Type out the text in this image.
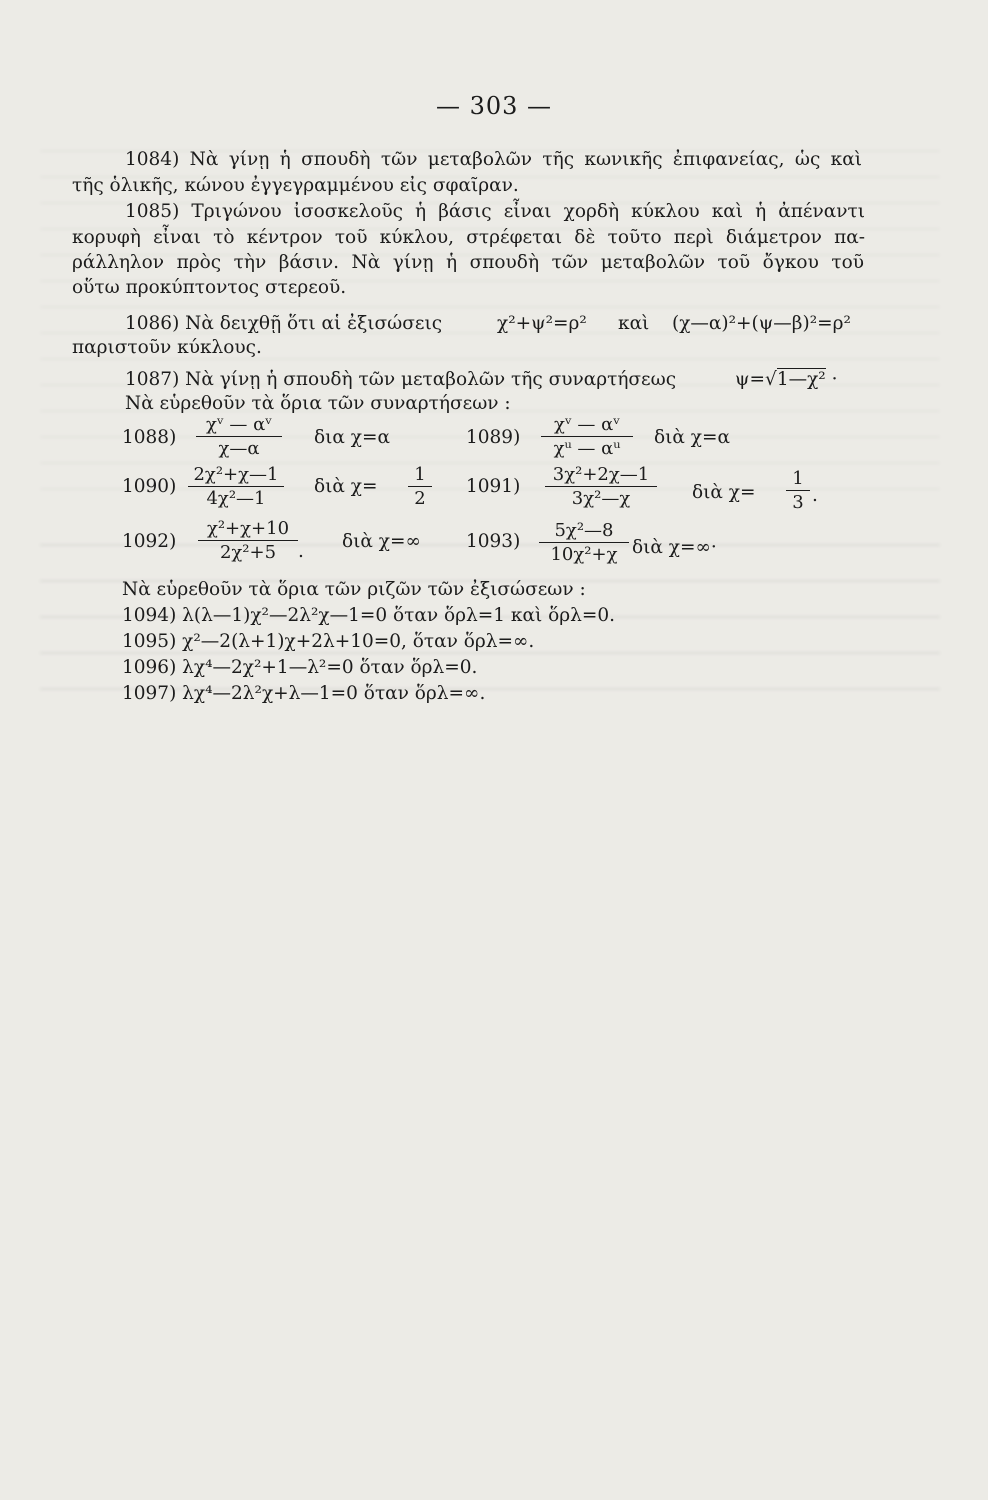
— 303 —
1084) Νὰ γίνῃ ἡ σπουδὴ τῶν μεταβολῶν τῆς κωνικῆς ἐπιφανείας, ὡς καὶ
τῆς ὁλικῆς, κώνου ἐγγεγραμμένου εἰς σφαῖραν.
1085) Τριγώνου ἰσοσκελοῦς ἡ βάσις εἶναι χορδὴ κύκλου καὶ ἡ ἀπέναντι
κορυφὴ εἶναι τὸ κέντρον τοῦ κύκλου, στρέφεται δὲ τοῦτο περὶ διάμετρον πα-
ράλληλον πρὸς τὴν βάσιν. Νὰ γίνῃ ἡ σπουδὴ τῶν μεταβολῶν τοῦ ὄγκου τοῦ
οὕτω προκύπτοντος στερεοῦ.
1086) Νὰ δειχθῇ ὅτι αἱ ἐξισώσεις	χ²+ψ²=ρ² καὶ (χ—α)²+(ψ—β)²=ρ²
παριστοῦν κύκλους.
1087) Νὰ γίνῃ ἡ σπουδὴ τῶν μεταβολῶν τῆς συναρτήσεως	ψ=√1—χ² ·
Νὰ εὑρεθοῦν τὰ ὅρια τῶν συναρτήσεων :
$1088) \frac{\text{χᵛ — αᵛ}}{\chi—\alpha}$ δια χ=α	$1089) \frac{\text{χᵛ — αᵛ}}{\text{χᵘ — αᵘ}}$ διὰ χ=α
$1090) \frac{\text{2χ²+χ—1}}{\text{4χ²—1}}$ διὰ $\chi= \frac{1}{2} 1091) \frac{\text{3χ²+2χ—1}}{\text{3χ²—χ}}$ διὰ $\chi= \frac{1}{3}$ .
$1092) \frac{\text{χ²+χ+10}}{\text{2χ²+5}}$ . διὰ χ=∞ $1093) \frac{\text{5χ²—8}}{\text{10χ²+χ}}$ διὰ χ=∞·
Νὰ εὑρεθοῦν τὰ ὅρια τῶν ριζῶν τῶν ἐξισώσεων :
1094) λ(λ—1)χ²—2λ²χ—1=0 ὅταν ὅρλ=1 καὶ ὅρλ=0.
1095) χ²—2(λ+1)χ+2λ+10=0, ὅταν ὅρλ=∞.
1096) λχ⁴—2χ²+1—λ²=0 ὅταν ὅρλ=0.
1097) λχ⁴—2λ²χ+λ—1=0 ὅταν ὅρλ=∞.
